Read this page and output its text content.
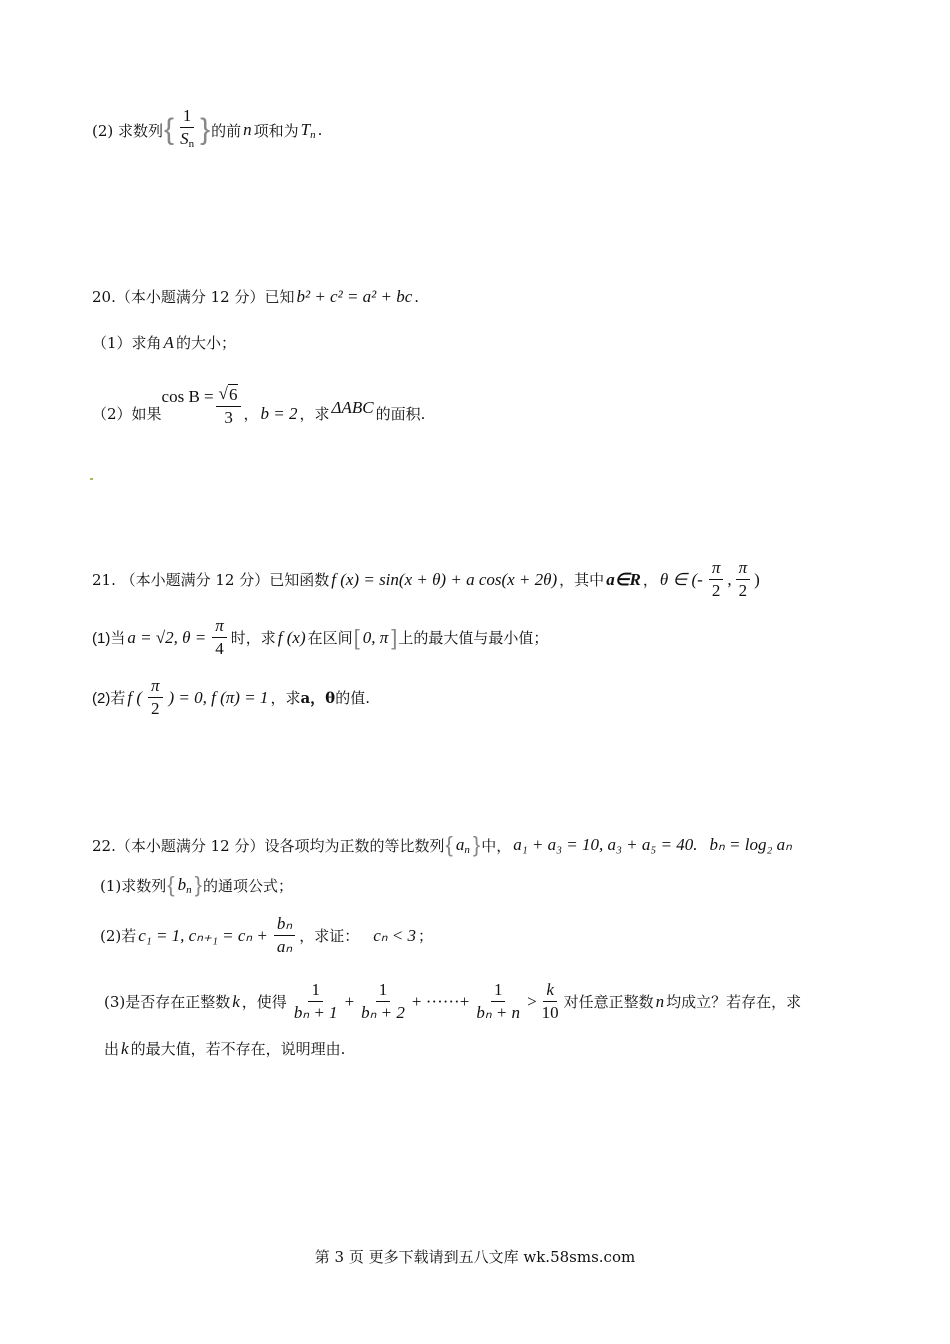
(2) 求数列 { $\frac{1}{S_n}$ } 的前 n 项和为 $T_n$ .
20.（本小题满分 12 分）已知 b² + c² = a² + bc .
（1）求角 A 的大小；
（2）如果
$\cos B = \frac{√ 6}{3}$ ， b = 2 ，求 ΔABC 的面积.
21. （本小题满分 12 分）已知函数 f (x) = sin(x + θ) + a cos(x + 2θ) ，其中 a∈R ， θ ∈ (- $\frac{\pi}{2}$ , $\frac{\pi}{2}$ )
(1)当 a = √2, $\theta = \frac{\pi}{4}$ 时，求 f (x) 在区间 [ 0, π ] 上的最大值与最小值；
(2)若 f ( $\frac{\pi}{2}$ ) = 0, f (π) = 1 ，求 a，θ 的值.
22.（本小题满分 12 分）设各项均为正数的等比数列 { $a_n$ } 中， a₁ + a₃ = 10, a₃ + a₅ = 40. bₙ = log₂ aₙ
(1)求数列 { $b_n$ } 的通项公式；
(2)若 c₁ = 1, $c_{n+1} = c_n + \frac{\text{bₙ}}{\text{aₙ}}$ ，求证： cₙ < 3 ；
(3)是否存在正整数 k ，使得 $\frac{1}{\text{bₙ + 1}} + \frac{1}{\text{bₙ + 2}}$ + ······+ $\frac{1}{\text{bₙ + n}} > \frac{k}{10}$ 对任意正整数 n 均成立？若存在，求
出 k 的最大值，若不存在，说明理由.
第 3 页 更多下载请到五八文库 wk.58sms.com
